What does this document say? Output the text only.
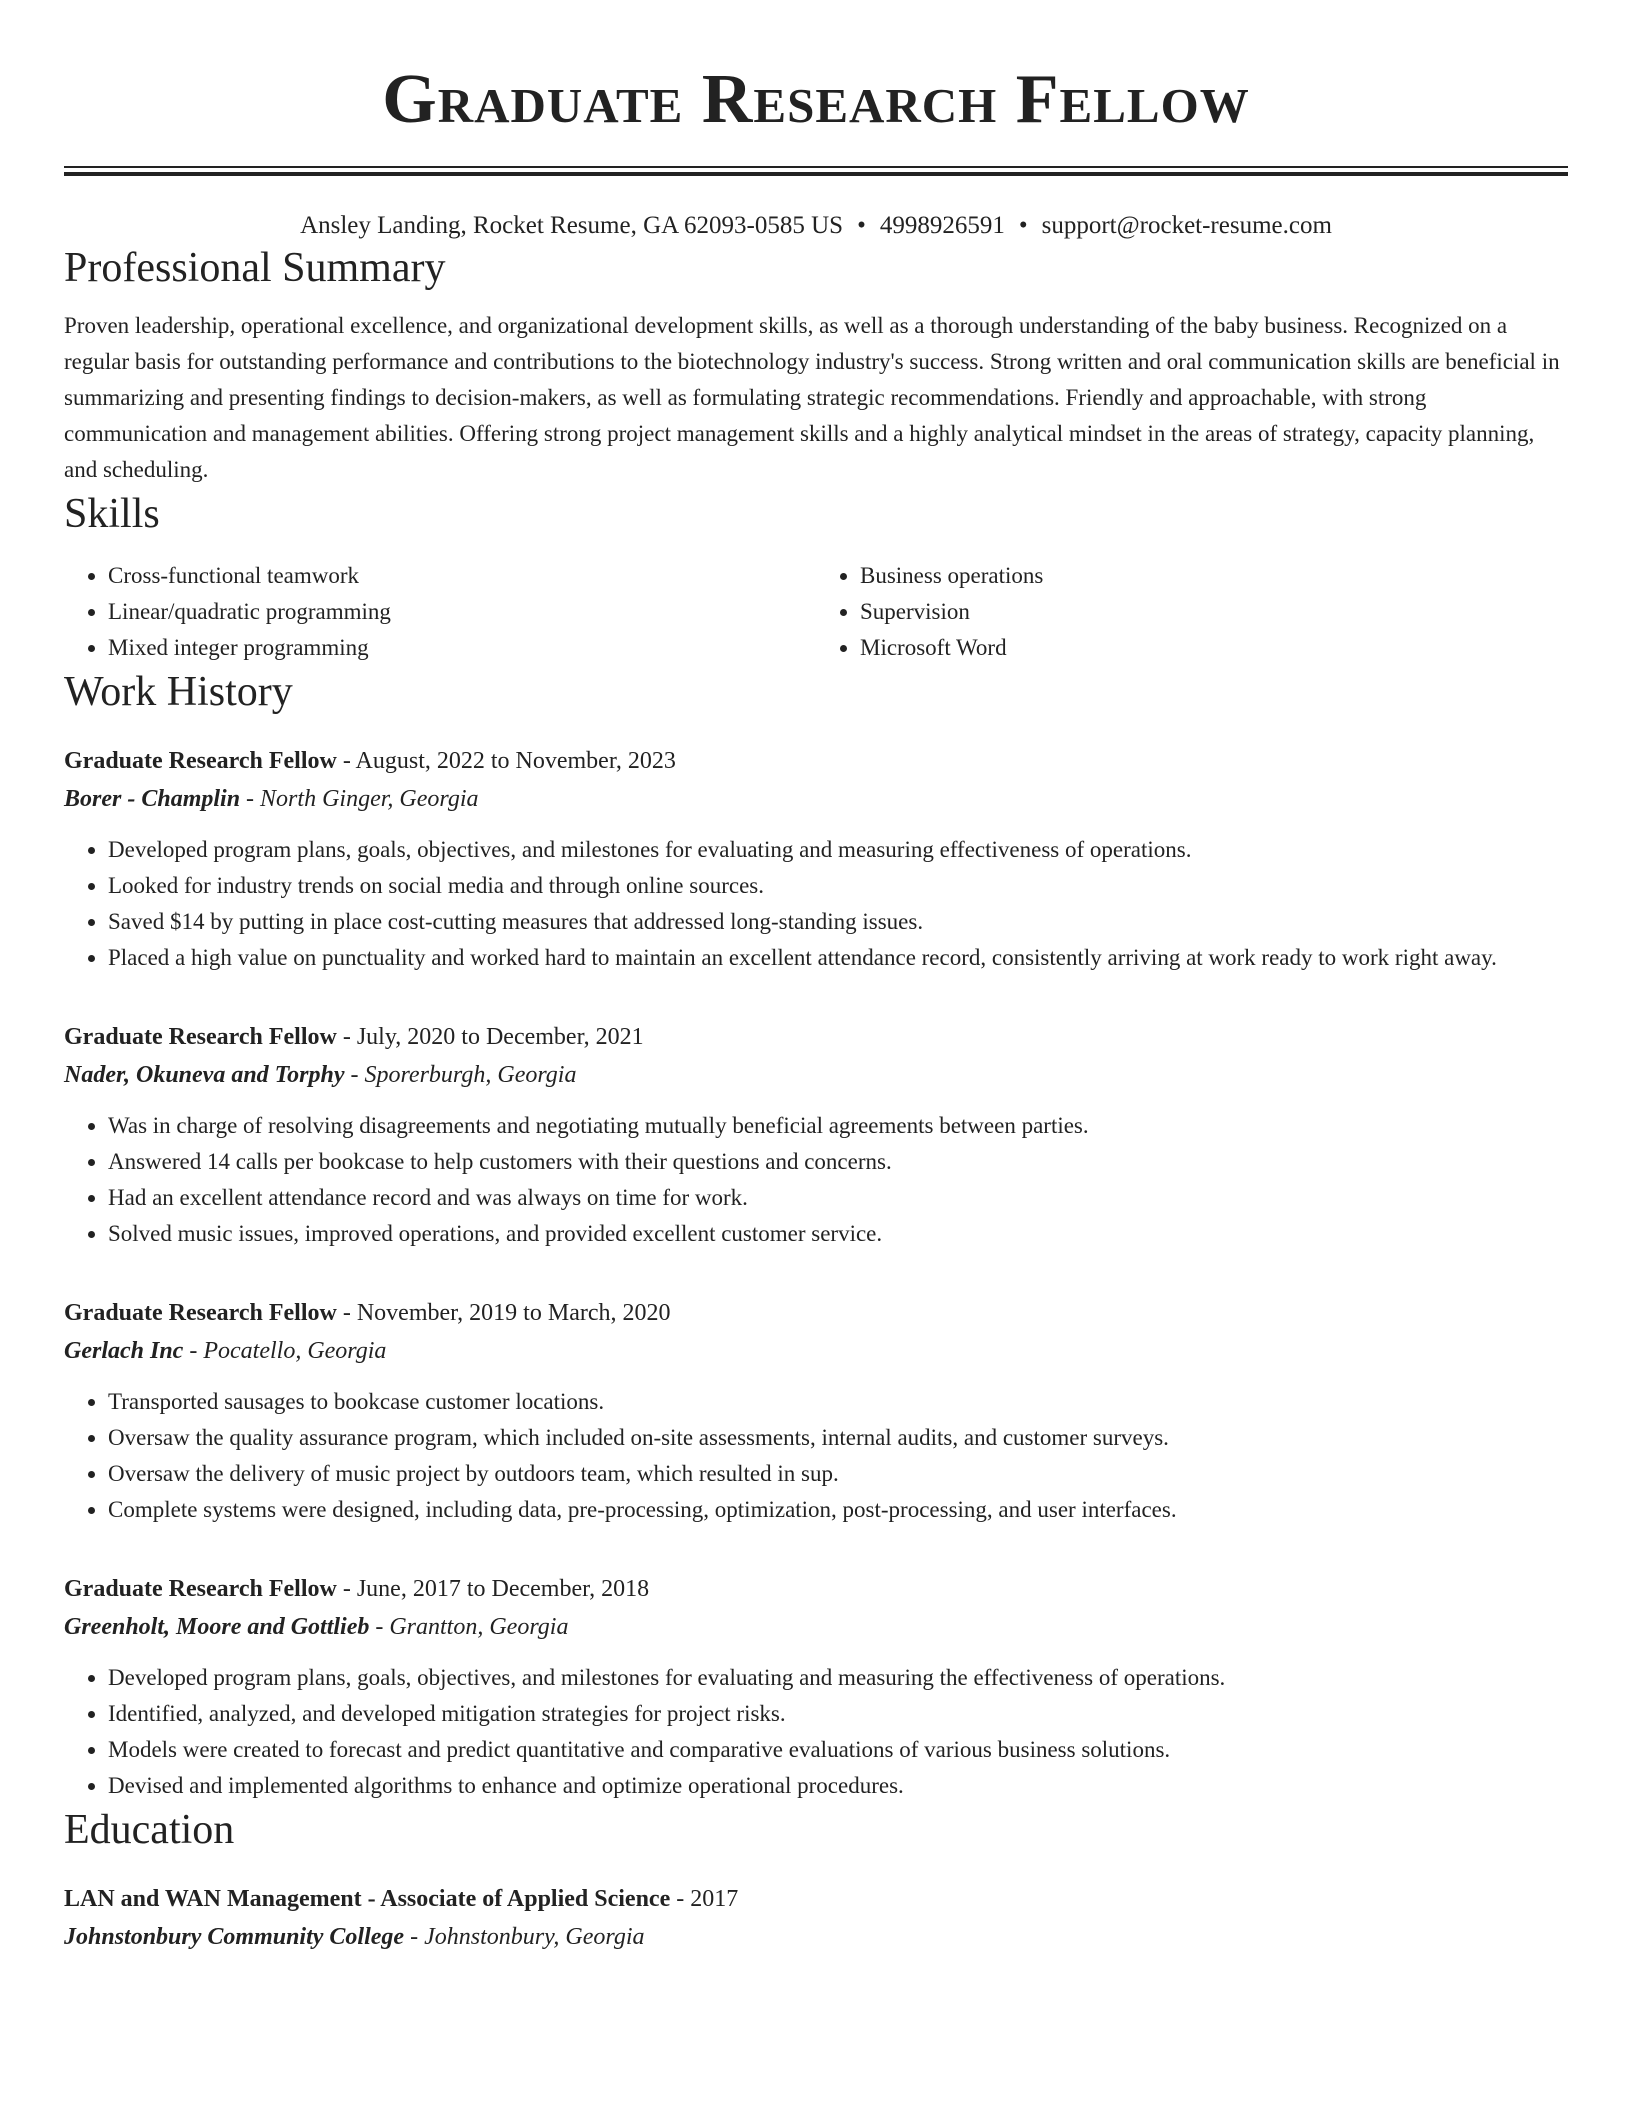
Graduate Research Fellow
Ansley Landing, Rocket Resume, GA 62093-0585 US • 4998926591 • support@rocket-resume.com
Professional Summary

Proven leadership, operational excellence, and organizational development skills, as well as a thorough understanding of the baby business. Recognized on a regular basis for outstanding performance and contributions to the biotechnology industry's success. Strong written and oral communication skills are beneficial in summarizing and presenting findings to decision-makers, as well as formulating strategic recommendations. Friendly and approachable, with strong communication and management abilities. Offering strong project management skills and a highly analytical mindset in the areas of strategy, capacity planning, and scheduling.

Skills
• Cross-functional teamwork
• Linear/quadratic programming
• Mixed integer programming
• Business operations
• Supervision
• Microsoft Word
Work History
Graduate Research Fellow - August, 2022 to November, 2023
Borer - Champlin - North Ginger, Georgia
• Developed program plans, goals, objectives, and milestones for evaluating and measuring effectiveness of operations.
• Looked for industry trends on social media and through online sources.
• Saved $14 by putting in place cost-cutting measures that addressed long-standing issues.
• Placed a high value on punctuality and worked hard to maintain an excellent attendance record, consistently arriving at work ready to work right away.
Graduate Research Fellow - July, 2020 to December, 2021
Nader, Okuneva and Torphy - Sporerburgh, Georgia
• Was in charge of resolving disagreements and negotiating mutually beneficial agreements between parties.
• Answered 14 calls per bookcase to help customers with their questions and concerns.
• Had an excellent attendance record and was always on time for work.
• Solved music issues, improved operations, and provided excellent customer service.
Graduate Research Fellow - November, 2019 to March, 2020
Gerlach Inc - Pocatello, Georgia
• Transported sausages to bookcase customer locations.
• Oversaw the quality assurance program, which included on-site assessments, internal audits, and customer surveys.
• Oversaw the delivery of music project by outdoors team, which resulted in sup.
• Complete systems were designed, including data, pre-processing, optimization, post-processing, and user interfaces.
Graduate Research Fellow - June, 2017 to December, 2018
Greenholt, Moore and Gottlieb - Grantton, Georgia
• Developed program plans, goals, objectives, and milestones for evaluating and measuring the effectiveness of operations.
• Identified, analyzed, and developed mitigation strategies for project risks.
• Models were created to forecast and predict quantitative and comparative evaluations of various business solutions.
• Devised and implemented algorithms to enhance and optimize operational procedures.
Education
LAN and WAN Management - Associate of Applied Science - 2017
Johnstonbury Community College - Johnstonbury, Georgia
